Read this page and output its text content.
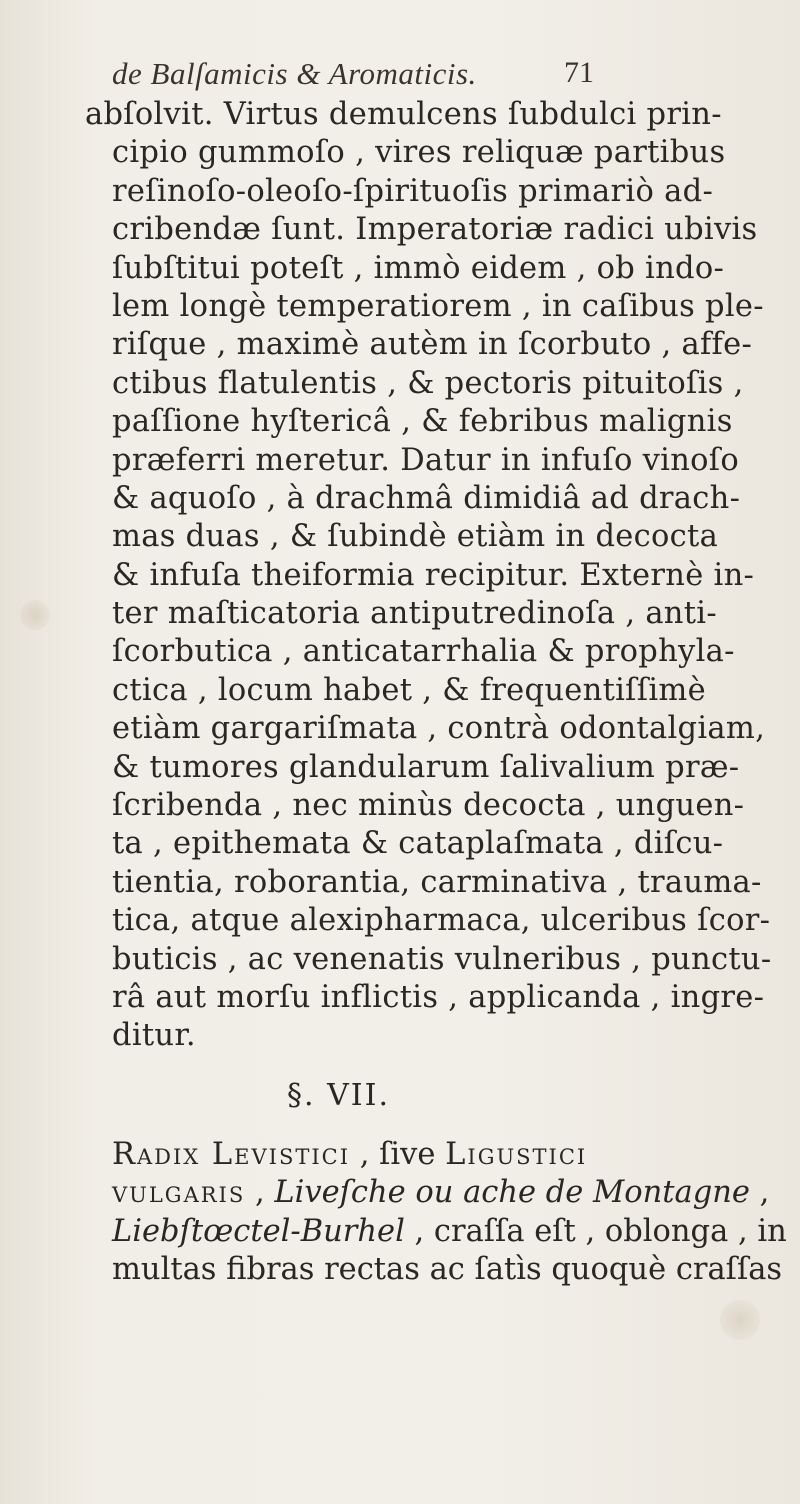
de Balſamicis & Aromaticis.	71
abſolvit. Virtus demulcens ſubdulci prin-
cipio gummoſo , vires reliquæ partibus
reſinoſo-oleoſo-ſpirituoſis primariò ad-
cribendæ ſunt. Imperatoriæ radici ubivis
ſubſtitui poteſt , immò eidem , ob indo-
lem longè temperatiorem , in caſibus ple-
riſque , maximè autèm in ſcorbuto , affe-
ctibus flatulentis , & pectoris pituitoſis ,
paſſione hyſtericâ , & febribus malignis
præferri meretur. Datur in infuſo vinoſo
& aquoſo , à drachmâ dimidiâ ad drach-
mas duas , & ſubindè etiàm in decocta
& infuſa theiformia recipitur. Externè in-
ter maſticatoria antiputredinoſa , anti-
ſcorbutica , anticatarrhalia & prophyla-
ctica , locum habet , & frequentiſſimè
etiàm gargariſmata , contrà odontalgiam,
& tumores glandularum ſalivalium præ-
ſcribenda , nec minùs decocta , unguen-
ta , epithemata & cataplaſmata , diſcu-
tientia, roborantia, carminativa , trauma-
tica, atque alexipharmaca, ulceribus ſcor-
buticis , ac venenatis vulneribus , punctu-
râ aut morſu inflictis , applicanda , ingre-
ditur.
§. VII.
Radix Levistici , ſive Ligustici
vulgaris , Liveſche ou ache de Montagne ,
Liebſtœctel-Burhel , craſſa eſt , oblonga , in
multas fibras rectas ac ſatìs quoquè craſſas
